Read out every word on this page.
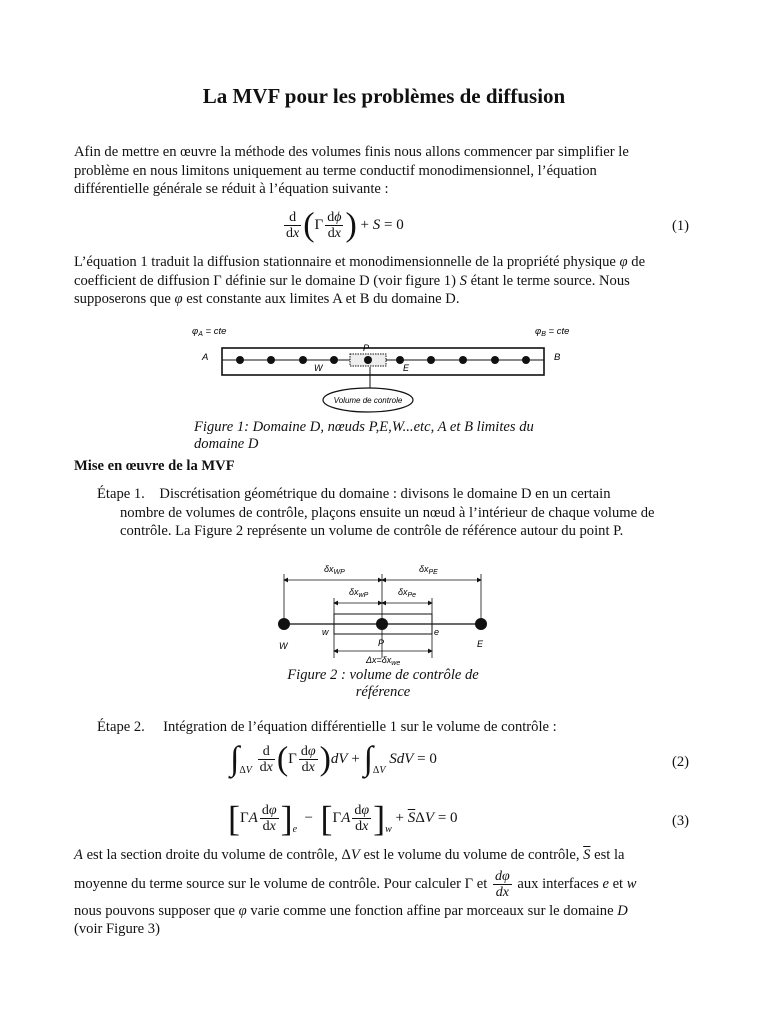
La MVF pour les problèmes de diffusion
Afin de mettre en œuvre la méthode des volumes finis nous allons commencer par simplifier le
problème en nous limitons uniquement au terme conductif monodimensionnel, l’équation
différentielle générale se réduit à l’équation suivante :
$\frac{d}{dx} (\Gamma \frac{d\phi}{dx}$ ) + S = 0	(1)
L’équation 1 traduit la diffusion stationnaire et monodimensionnelle de la propriété physique φ de
coefficient de diffusion Γ définie sur le domaine D (voir figure 1) S étant le terme source. Nous
supposerons que φ est constante aux limites A et B du domaine D.
$\varphi_A$ = cte	$\varphi_B$ = cte
A	B
P
W	E
Volume de controle
Figure 1: Domaine D, nœuds P,E,W...etc, A et B limites du
domaine D
Mise en œuvre de la MVF
Étape 1. Discrétisation géométrique du domaine : divisons le domaine D en un certain
nombre de volumes de contrôle, plaçons ensuite un nœud à l’intérieur de chaque volume de
contrôle. La Figure 2 représente un volume de contrôle de référence autour du point P.
$\delta x_{WP}$	$\delta x_{PE}$
$\delta x_{wP}$	$\delta x_{Pe}$
w	e
W	P	E
$\Delta x=\delta x_{we}$
Figure 2 : volume de contrôle de
référence
Étape 2. Intégration de l’équation différentielle 1 sur le volume de contrôle :
$\int_{\Delta V} \frac{d}{dx} (\Gamma \frac{d\varphi}{dx} )dV + \int_{\Delta V}$ SdV = 0	(2)
$[\Gamma A \frac{d\varphi}{dx} ]_e - [\Gamma A \frac{d\varphi}{dx} ]_w + \overline{S}\Delta V = 0$	(3)
A est la section droite du volume de contrôle, ΔV est le volume du volume de contrôle, $\overline{S}$ est la
moyenne du terme source sur le volume de contrôle. Pour calculer Γ et $\frac{d\varphi}{dx}$ aux interfaces e et w
nous pouvons supposer que φ varie comme une fonction affine par morceaux sur le domaine D
(voir Figure 3)
